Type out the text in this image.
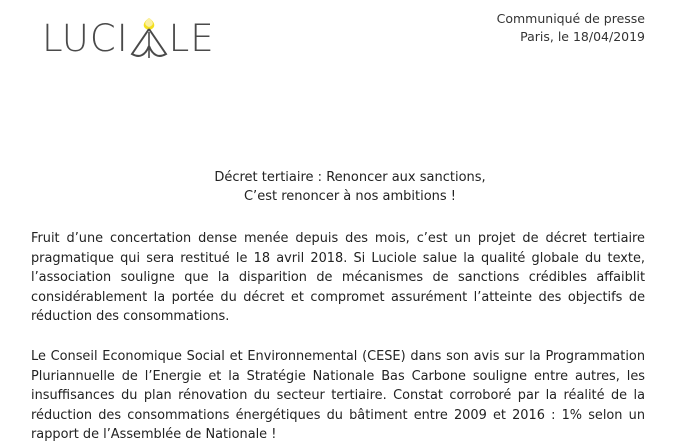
LUCI LE	Communiqué de presse
Paris, le 18/04/2019
Décret tertiaire : Renoncer aux sanctions,
C’est renoncer à nos ambitions !

Fruit d’une concertation dense menée depuis des mois, c’est un projet de décret tertiaire pragmatique qui sera restitué le 18 avril 2018. Si Luciole salue la qualité globale du texte, l’association souligne que la disparition de mécanismes de sanctions crédibles affaiblit considérablement la portée du décret et compromet assurément l’atteinte des objectifs de réduction des consommations.

Le Conseil Economique Social et Environnemental (CESE) dans son avis sur la Programmation Pluriannuelle de l’Energie et la Stratégie Nationale Bas Carbone souligne entre autres, les insuffisances du plan rénovation du secteur tertiaire. Constat corroboré par la réalité de la réduction des consommations énergétiques du bâtiment entre 2009 et 2016 : 1% selon un rapport de l’Assemblée de Nationale !
